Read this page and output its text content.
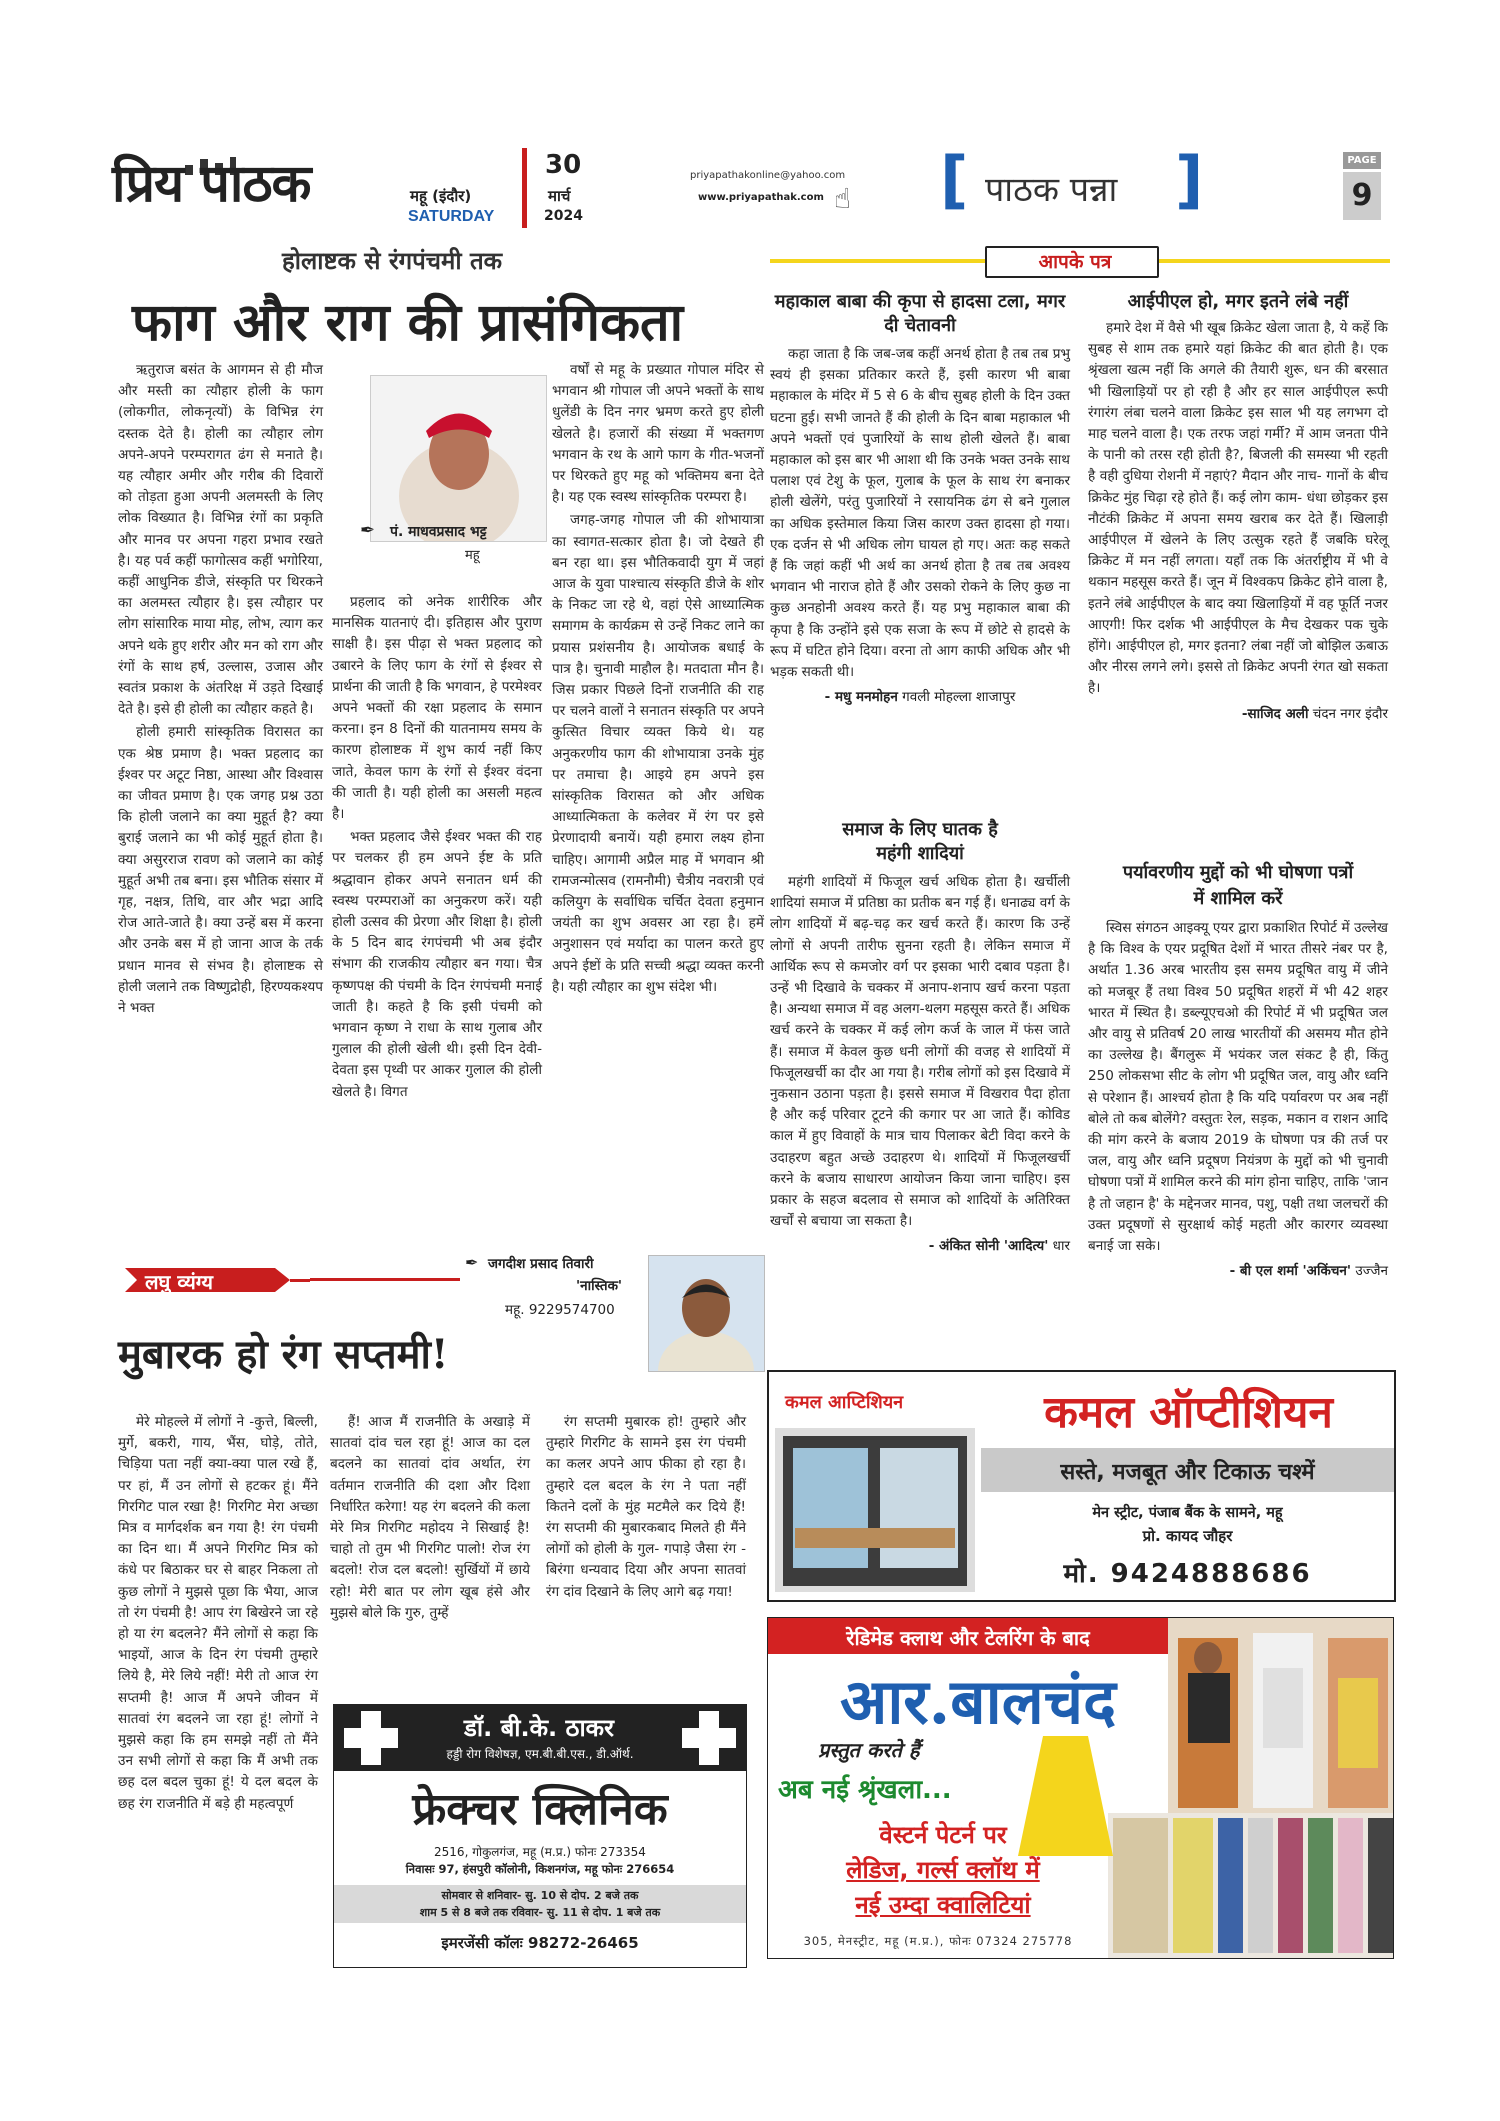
प्रिय पाठक	महू (इंदौर)
SATURDAY
30
मार्च
2024
priyapathakonline@yahoo.com
www.priyapathak.com ☝ [ पाठक पन्ना ]	PAGE
9
होलाष्टक से रंगपंचमी तक
फाग और राग की प्रासंगिकता

ऋतुराज बसंत के आगमन से ही मौज और मस्ती का त्यौहार होली के फाग (लोकगीत, लोकनृत्यों) के विभिन्न रंग दस्तक देते है। होली का त्यौहार लोग अपने-अपने परम्परागत ढंग से मनाते है। यह त्यौहार अमीर और गरीब की दिवारों को तोड़ता हुआ अपनी अलमस्ती के लिए लोक विख्यात है। विभिन्न रंगों का प्रकृति और मानव पर अपना गहरा प्रभाव रखते है। यह पर्व कहीं फागोत्सव कहीं भगोरिया, कहीं आधुनिक डीजे, संस्कृति पर थिरकने का अलमस्त त्यौहार है। इस त्यौहार पर लोग सांसारिक माया मोह, लोभ, त्याग कर अपने थके हुए शरीर और मन को राग और रंगों के साथ हर्ष, उल्लास, उजास और स्वतंत्र प्रकाश के अंतरिक्ष में उड़ते दिखाई देते है। इसे ही होली का त्यौहार कहते है।

होली हमारी सांस्कृतिक विरासत का एक श्रेष्ठ प्रमाण है। भक्त प्रहलाद का ईश्वर पर अटूट निष्ठा, आस्था और विश्वास का जीवत प्रमाण है। एक जगह प्रश्न उठा कि होली जलाने का क्या मुहूर्त है? क्या बुराई जलाने का भी कोई मुहूर्त होता है। क्या असुरराज रावण को जलाने का कोई मुहूर्त अभी तब बना। इस भौतिक संसार में गृह, नक्षत्र, तिथि, वार और भद्रा आदि रोज आते-जाते है। क्या उन्हें बस में करना और उनके बस में हो जाना आज के तर्क प्रधान मानव से संभव है। होलाष्टक से होली जलाने तक विष्णुद्रोही, हिरण्यकश्यप ने भक्त

✒ पं. माधवप्रसाद भट्ट
महू

प्रहलाद को अनेक शारीरिक और मानसिक यातनाएं दी। इतिहास और पुराण साक्षी है। इस पीढ़ा से भक्त प्रहलाद को उबारने के लिए फाग के रंगों से ईश्वर से प्रार्थना की जाती है कि भगवान, हे परमेश्वर अपने भक्तों की रक्षा प्रहलाद के समान करना। इन 8 दिनों की यातनामय समय के कारण होलाष्टक में शुभ कार्य नहीं किए जाते, केवल फाग के रंगों से ईश्वर वंदना की जाती है। यही होली का असली महत्व है।

भक्त प्रहलाद जैसे ईश्वर भक्त की राह पर चलकर ही हम अपने ईष्ट के प्रति श्रद्धावान होकर अपने सनातन धर्म की स्वस्थ परम्पराओं का अनुकरण करें। यही होली उत्सव की प्रेरणा और शिक्षा है। होली के 5 दिन बाद रंगपंचमी भी अब इंदौर संभाग की राजकीय त्यौहार बन गया। चैत्र कृष्णपक्ष की पंचमी के दिन रंगपंचमी मनाई जाती है। कहते है कि इसी पंचमी को भगवान कृष्ण ने राधा के साथ गुलाब और गुलाल की होली खेली थी। इसी दिन देवी-देवता इस पृथ्वी पर आकर गुलाल की होली खेलते है। विगत

वर्षों से महू के प्रख्यात गोपाल मंदिर से भगवान श्री गोपाल जी अपने भक्तों के साथ धुलेंडी के दिन नगर भ्रमण करते हुए होली खेलते है। हजारों की संख्या में भक्तगण भगवान के रथ के आगे फाग के गीत-भजनों पर थिरकते हुए महू को भक्तिमय बना देते है। यह एक स्वस्थ सांस्कृतिक परम्परा है।

जगह-जगह गोपाल जी की शोभायात्रा का स्वागत-सत्कार होता है। जो देखते ही बन रहा था। इस भौतिकवादी युग में जहां आज के युवा पाश्चात्य संस्कृति डीजे के शोर के निकट जा रहे थे, वहां ऐसे आध्यात्मिक समागम के कार्यक्रम से उन्हें निकट लाने का प्रयास प्रशंसनीय है। आयोजक बधाई के पात्र है। चुनावी माहौल है। मतदाता मौन है। जिस प्रकार पिछले दिनों राजनीति की राह पर चलने वालों ने सनातन संस्कृति पर अपने कुत्सित विचार व्यक्त किये थे। यह अनुकरणीय फाग की शोभायात्रा उनके मुंह पर तमाचा है। आइये हम अपने इस सांस्कृतिक विरासत को और अधिक आध्यात्मिकता के कलेवर में रंग पर इसे प्रेरणादायी बनायें। यही हमारा लक्ष्य होना चाहिए। आगामी अप्रैल माह में भगवान श्री रामजन्मोत्सव (रामनौमी) चैत्रीय नवरात्री एवं कलियुग के सर्वाधिक चर्चित देवता हनुमान जयंती का शुभ अवसर आ रहा है। हमें अनुशासन एवं मर्यादा का पालन करते हुए अपने ईष्टों के प्रति सच्ची श्रद्धा व्यक्त करनी है। यही त्यौहार का शुभ संदेश भी।

आपके पत्र
महाकाल बाबा की कृपा से हादसा टला, मगर दी चेतावनी
कहा जाता है कि जब-जब कहीं अनर्थ होता है तब तब प्रभु स्वयं ही इसका प्रतिकार करते हैं, इसी कारण भी बाबा महाकाल के मंदिर में 5 से 6 के बीच सुबह होली के दिन उक्त घटना हुई। सभी जानते हैं की होली के दिन बाबा महाकाल भी अपने भक्तों एवं पुजारियों के साथ होली खेलते हैं। बाबा महाकाल को इस बार भी आशा थी कि उनके भक्त उनके साथ पलाश एवं टेशु के फूल, गुलाब के फूल के साथ रंग बनाकर होली खेलेंगे, परंतु पुजारियों ने रसायनिक ढंग से बने गुलाल का अधिक इस्तेमाल किया जिस कारण उक्त हादसा हो गया। एक दर्जन से भी अधिक लोग घायल हो गए। अतः कह सकते हैं कि जहां कहीं भी अर्थ का अनर्थ होता है तब तब अवश्य भगवान भी नाराज होते हैं और उसको रोकने के लिए कुछ ना कुछ अनहोनी अवश्य करते हैं। यह प्रभु महाकाल बाबा की कृपा है कि उन्होंने इसे एक सजा के रूप में छोटे से हादसे के रूप में घटित होने दिया। वरना तो आग काफी अधिक और भी भड़क सकती थी।
- मधु मनमोहन गवली मोहल्ला शाजापुर
समाज के लिए घातक है महंगी शादियां
महंगी शादियों में फिजूल खर्च अधिक होता है। खर्चीली शादियां समाज में प्रतिष्ठा का प्रतीक बन गई हैं। धनाढ्य वर्ग के लोग शादियों में बढ़-चढ़ कर खर्च करते हैं। कारण कि उन्हें लोगों से अपनी तारीफ सुनना रहती है। लेकिन समाज में आर्थिक रूप से कमजोर वर्ग पर इसका भारी दबाव पड़ता है। उन्हें भी दिखावे के चक्कर में अनाप-शनाप खर्च करना पड़ता है। अन्यथा समाज में वह अलग-थलग महसूस करते हैं। अधिक खर्च करने के चक्कर में कई लोग कर्ज के जाल में फंस जाते हैं। समाज में केवल कुछ धनी लोगों की वजह से शादियों में फिजूलखर्ची का दौर आ गया है। गरीब लोगों को इस दिखावे में नुकसान उठाना पड़ता है। इससे समाज में विखराव पैदा होता है और कई परिवार टूटने की कगार पर आ जाते हैं। कोविड काल में हुए विवाहों के मात्र चाय पिलाकर बेटी विदा करने के उदाहरण बहुत अच्छे उदाहरण थे। शादियों में फिजूलखर्ची करने के बजाय साधारण आयोजन किया जाना चाहिए। इस प्रकार के सहज बदलाव से समाज को शादियों के अतिरिक्त खर्चों से बचाया जा सकता है।
- अंकित सोनी 'आदित्य' धार
आईपीएल हो, मगर इतने लंबे नहीं
हमारे देश में वैसे भी खूब क्रिकेट खेला जाता है, ये कहें कि सुबह से शाम तक हमारे यहां क्रिकेट की बात होती है। एक श्रृंखला खत्म नहीं कि अगले की तैयारी शुरू, धन की बरसात भी खिलाड़ियों पर हो रही है और हर साल आईपीएल रूपी रंगारंग लंबा चलने वाला क्रिकेट इस साल भी यह लगभग दो माह चलने वाला है। एक तरफ जहां गर्मी? में आम जनता पीने के पानी को तरस रही होती है?, बिजली की समस्या भी रहती है वही दुधिया रोशनी में नहाएं? मैदान और नाच- गानों के बीच क्रिकेट मुंह चिढ़ा रहे होते हैं। कई लोग काम- धंधा छोड़कर इस नौटंकी क्रिकेट में अपना समय खराब कर देते हैं। खिलाड़ी आईपीएल में खेलने के लिए उत्सुक रहते हैं जबकि घरेलू क्रिकेट में मन नहीं लगता। यहाँ तक कि अंतर्राष्ट्रीय में भी वे थकान महसूस करते हैं। जून में विश्वकप क्रिकेट होने वाला है, इतने लंबे आईपीएल के बाद क्या खिलाड़ियों में वह फूर्ति नजर आएगी! फिर दर्शक भी आईपीएल के मैच देखकर पक चुके होंगे। आईपीएल हो, मगर इतना? लंबा नहीं जो बोझिल ऊबाऊ और नीरस लगने लगे। इससे तो क्रिकेट अपनी रंगत खो सकता है।
-साजिद अली चंदन नगर इंदौर
पर्यावरणीय मुद्दों को भी घोषणा पत्रों में शामिल करें
स्विस संगठन आइक्यू एयर द्वारा प्रकाशित रिपोर्ट में उल्लेख है कि विश्व के एयर प्रदूषित देशों में भारत तीसरे नंबर पर है, अर्थात 1.36 अरब भारतीय इस समय प्रदूषित वायु में जीने को मजबूर हैं तथा विश्व 50 प्रदूषित शहरों में भी 42 शहर भारत में स्थित है। डब्ल्यूएचओ की रिपोर्ट में भी प्रदूषित जल और वायु से प्रतिवर्ष 20 लाख भारतीयों की असमय मौत होने का उल्लेख है। बैंगलुरू में भयंकर जल संकट है ही, किंतु 250 लोकसभा सीट के लोग भी प्रदूषित जल, वायु और ध्वनि से परेशान हैं। आश्चर्य होता है कि यदि पर्यावरण पर अब नहीं बोले तो कब बोलेंगे? वस्तुतः रेल, सड़क, मकान व राशन आदि की मांग करने के बजाय 2019 के घोषणा पत्र की तर्ज पर जल, वायु और ध्वनि प्रदूषण नियंत्रण के मुद्दों को भी चुनावी घोषणा पत्रों में शामिल करने की मांग होना चाहिए, ताकि 'जान है तो जहान है' के मद्देनजर मानव, पशु, पक्षी तथा जलचरों की उक्त प्रदूषणों से सुरक्षार्थ कोई महती और कारगर व्यवस्था बनाई जा सके।
- बी एल शर्मा 'अकिंचन' उज्जैन
लघु व्यंग्य
✒ जगदीश प्रसाद तिवारी
'नास्तिक'
महू. 9229574700
मुबारक हो रंग सप्तमी!

मेरे मोहल्ले में लोगों ने -कुत्ते, बिल्ली, मुर्गे, बकरी, गाय, भैंस, घोड़े, तोते, चिड़िया पता नहीं क्या-क्या पाल रखे हैं, पर हां, मैं उन लोगों से हटकर हूं। मैंने गिरगिट पाल रखा है! गिरगिट मेरा अच्छा मित्र व मार्गदर्शक बन गया है! रंग पंचमी का दिन था। मैं अपने गिरगिट मित्र को कंधे पर बिठाकर घर से बाहर निकला तो कुछ लोगों ने मुझसे पूछा कि भैया, आज तो रंग पंचमी है! आप रंग बिखेरने जा रहे हो या रंग बदलने? मैंने लोगों से कहा कि भाइयों, आज के दिन रंग पंचमी तुम्हारे लिये है, मेरे लिये नहीं! मेरी तो आज रंग सप्तमी है! आज मैं अपने जीवन में सातवां रंग बदलने जा रहा हूं! लोगों ने मुझसे कहा कि हम समझे नहीं तो मैंने उन सभी लोगों से कहा कि मैं अभी तक छह दल बदल चुका हूं! ये दल बदल के छह रंग राजनीति में बड़े ही महत्वपूर्ण

हैं! आज मैं राजनीति के अखाड़े में सातवां दांव चल रहा हूं! आज का दल बदलने का सातवां दांव अर्थात, रंग वर्तमान राजनीति की दशा और दिशा निर्धारित करेगा! यह रंग बदलने की कला मेरे मित्र गिरगिट महोदय ने सिखाई है! चाहो तो तुम भी गिरगिट पालो! रोज रंग बदलो! रोज दल बदलो! सुर्खियों में छाये रहो! मेरी बात पर लोग खूब हंसे और मुझसे बोले कि गुरु, तुम्हें

रंग सप्तमी मुबारक हो! तुम्हारे और तुम्हारे गिरगिट के सामने इस रंग पंचमी का कलर अपने आप फीका हो रहा है। तुम्हारे दल बदल के रंग ने पता नहीं कितने दलों के मुंह मटमैले कर दिये हैं! रंग सप्तमी की मुबारकबाद मिलते ही मैंने लोगों को होली के गुल- गपाड़े जैसा रंग - बिरंगा धन्यवाद दिया और अपना सातवां रंग दांव दिखाने के लिए आगे बढ़ गया!

डॉ. बी.के. ठाकर
हड्डी रोग विशेषज्ञ, एम.बी.बी.एस., डी.ऑर्थ.
फ्रेक्चर क्लिनिक
2516, गोकुलगंज, महू (म.प्र.) फोनः 273354
निवासः 97, हंसपुरी कॉलोनी, किशनगंज, महू फोनः 276654
सोमवार से शनिवार- सु. 10 से दोप. 2 बजे तक
शाम 5 से 8 बजे तक रविवार- सु. 11 से दोप. 1 बजे तक
इमरजेंसी कॉलः 98272-26465
कमल आप्टिशियन	कमल ऑप्टीशियन
सस्ते, मजबूत और टिकाऊ चश्में
मेन स्ट्रीट, पंजाब बैंक के सामने, महू
प्रो. कायद जौहर
मो. 9424888686
रेडिमेड क्लाथ और टेलरिंग के बाद
आर.बालचंद
प्रस्तुत करते हैं
अब नई श्रृंखला...
वेस्टर्न पेटर्न पर
लेडिज, गर्ल्स क्लॉथ में
नई उम्दा क्वालिटियां
305, मेनस्ट्रीट, महू (म.प्र.), फोनः 07324 275778
